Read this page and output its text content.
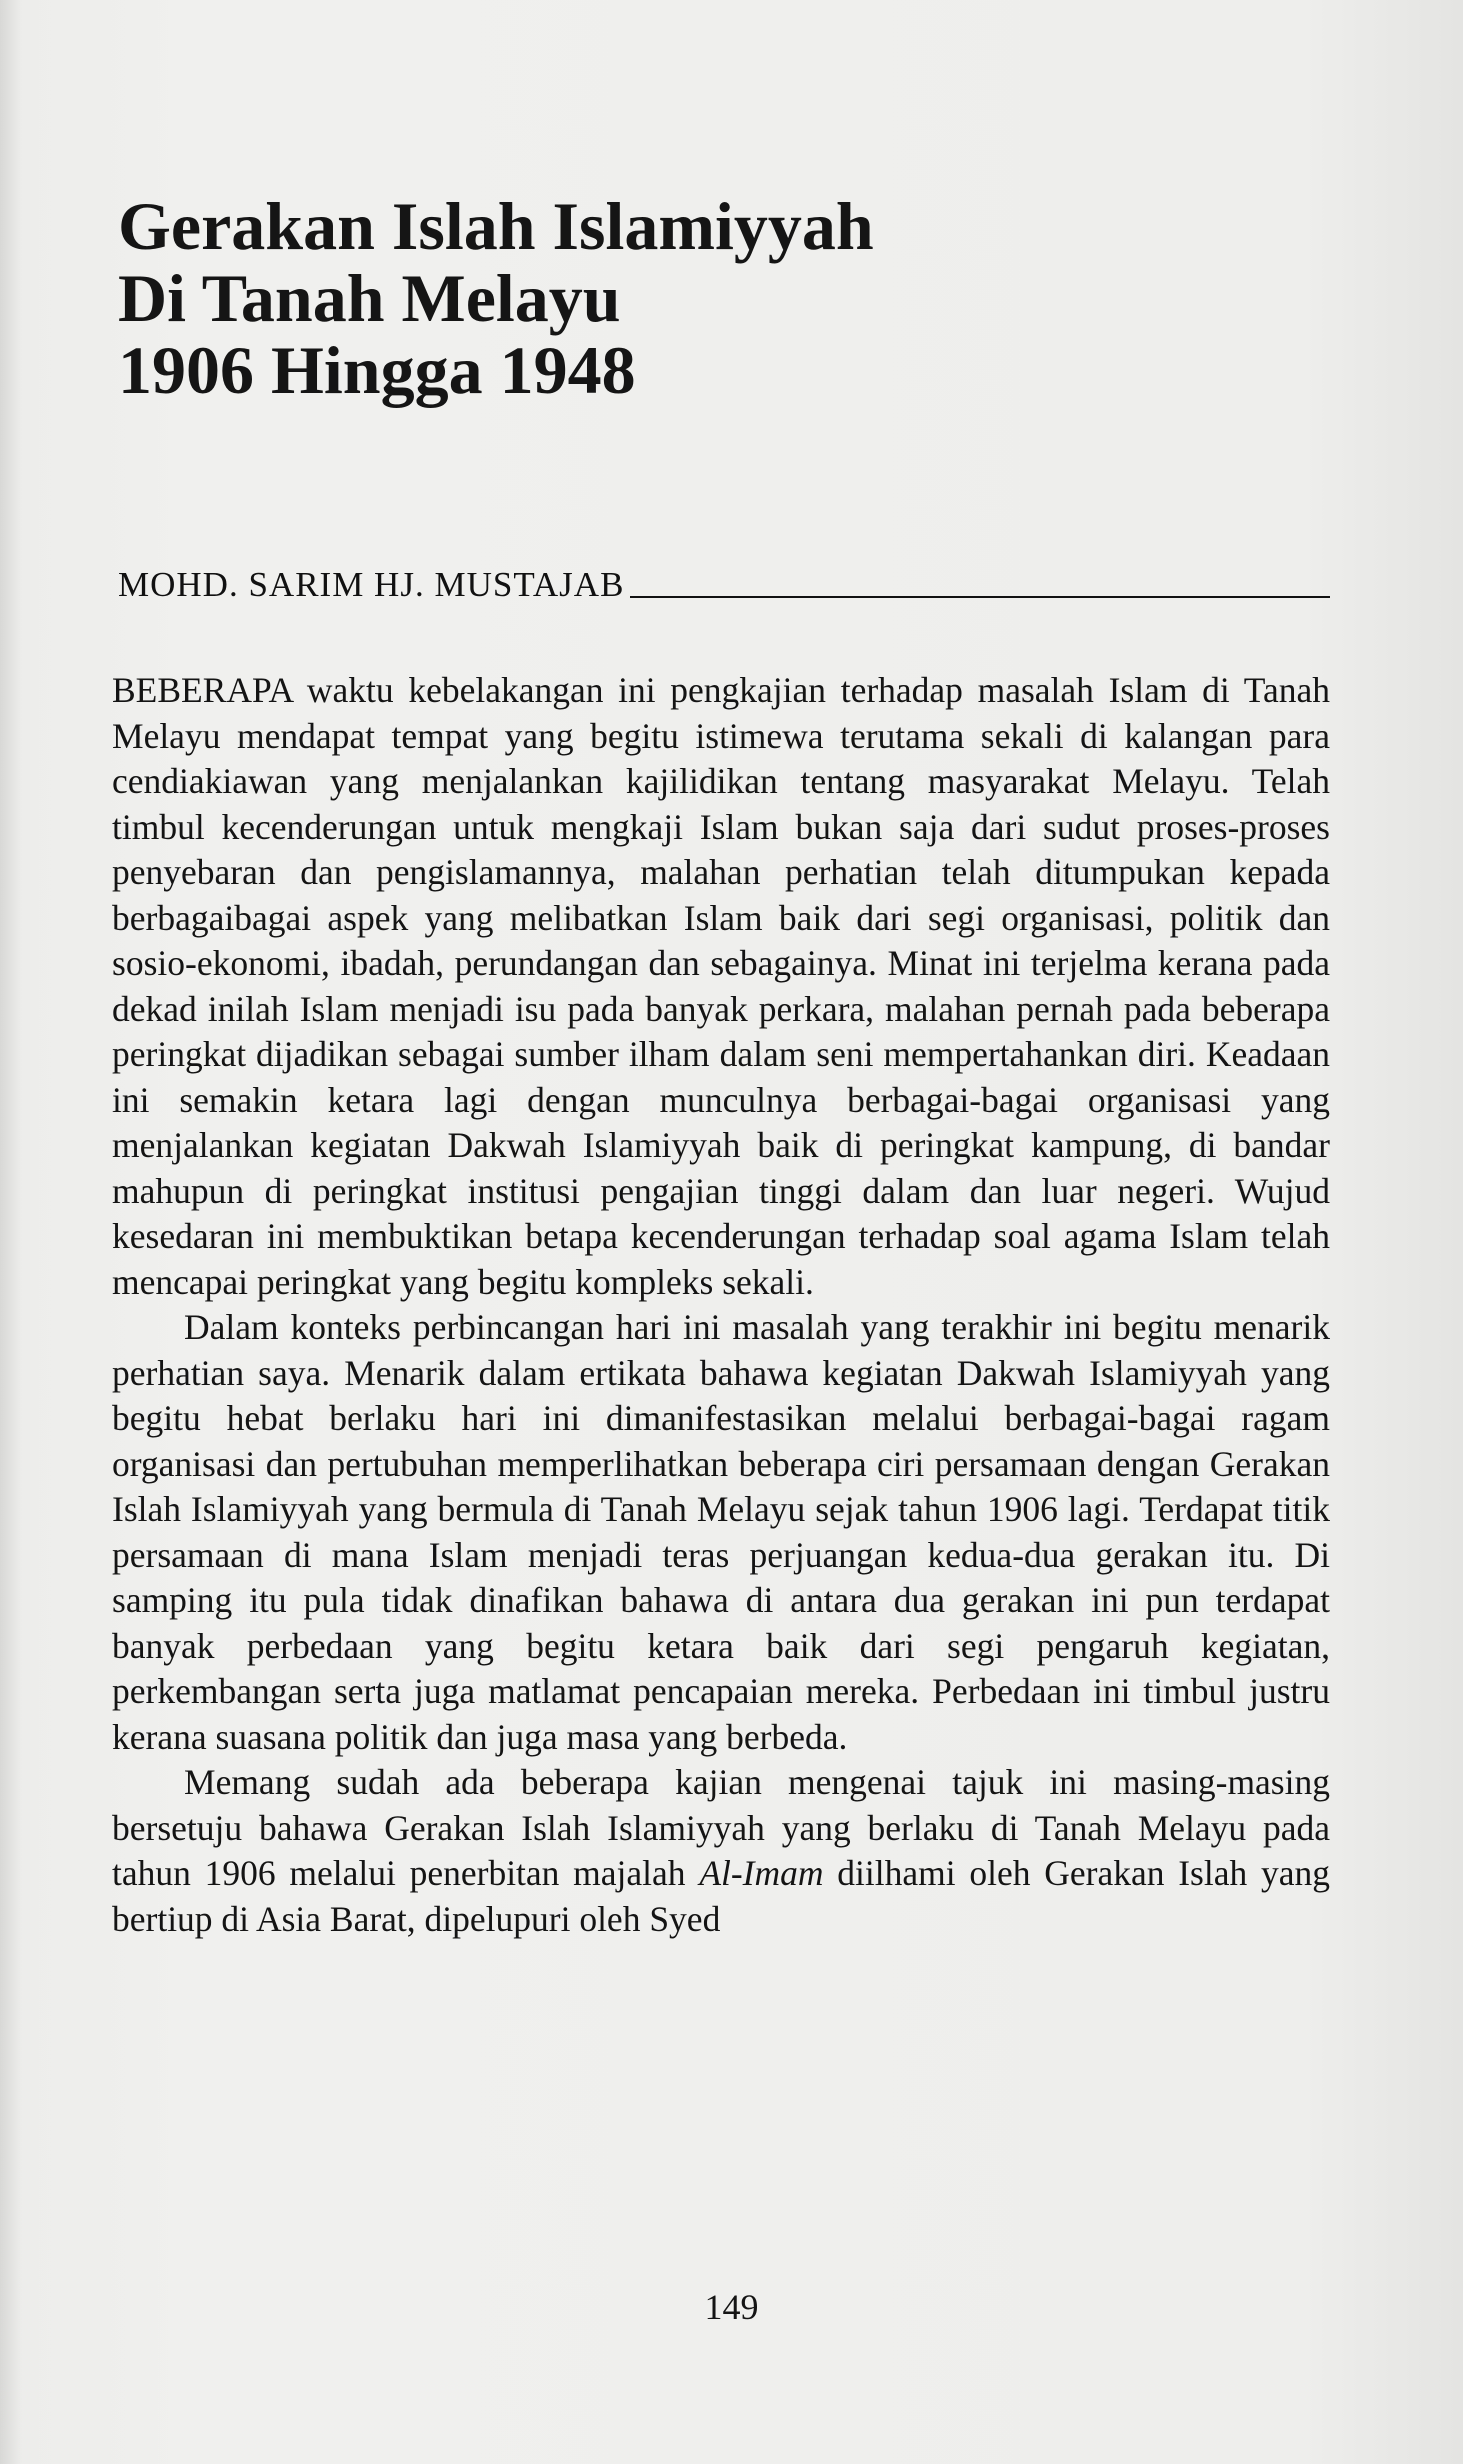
Gerakan Islah Islamiyyah
Di Tanah Melayu
1906 Hingga 1948
MOHD. SARIM HJ. MUSTAJAB

BEBERAPA waktu kebelakangan ini pengkajian terhadap masalah Islam di Tanah Melayu mendapat tempat yang begitu istimewa terutama sekali di kalangan para cendiakiawan yang menjalankan kajilidikan tentang masyarakat Melayu. Telah timbul kecenderungan untuk mengkaji Islam bukan saja dari sudut proses-proses penyebaran dan pengislamannya, malahan perhatian telah ditumpukan kepada berbagaibagai aspek yang melibatkan Islam baik dari segi organisasi, politik dan sosio-ekonomi, ibadah, perundangan dan sebagainya. Minat ini terjelma kerana pada dekad inilah Islam menjadi isu pada banyak perkara, malahan pernah pada beberapa peringkat dijadikan sebagai sumber ilham dalam seni mempertahankan diri. Keadaan ini semakin ketara lagi dengan munculnya berbagai-bagai organisasi yang menjalankan kegiatan Dakwah Islamiyyah baik di peringkat kampung, di bandar mahupun di peringkat institusi pengajian tinggi dalam dan luar negeri. Wujud kesedaran ini membuktikan betapa kecenderungan terhadap soal agama Islam telah mencapai peringkat yang begitu kompleks sekali.

Dalam konteks perbincangan hari ini masalah yang terakhir ini begitu menarik perhatian saya. Menarik dalam ertikata bahawa kegiatan Dakwah Islamiyyah yang begitu hebat berlaku hari ini dimanifestasikan melalui berbagai-bagai ragam organisasi dan pertubuhan memperlihatkan beberapa ciri persamaan dengan Gerakan Islah Islamiyyah yang bermula di Tanah Melayu sejak tahun 1906 lagi. Terdapat titik persamaan di mana Islam menjadi teras perjuangan kedua-dua gerakan itu. Di samping itu pula tidak dinafikan bahawa di antara dua gerakan ini pun terdapat banyak perbedaan yang begitu ketara baik dari segi pengaruh kegiatan, perkembangan serta juga matlamat pencapaian mereka. Perbedaan ini timbul justru kerana suasana politik dan juga masa yang berbeda.

Memang sudah ada beberapa kajian mengenai tajuk ini masing-masing bersetuju bahawa Gerakan Islah Islamiyyah yang berlaku di Tanah Melayu pada tahun 1906 melalui penerbitan majalah Al-Imam diilhami oleh Gerakan Islah yang bertiup di Asia Barat, dipelupuri oleh Syed

149
